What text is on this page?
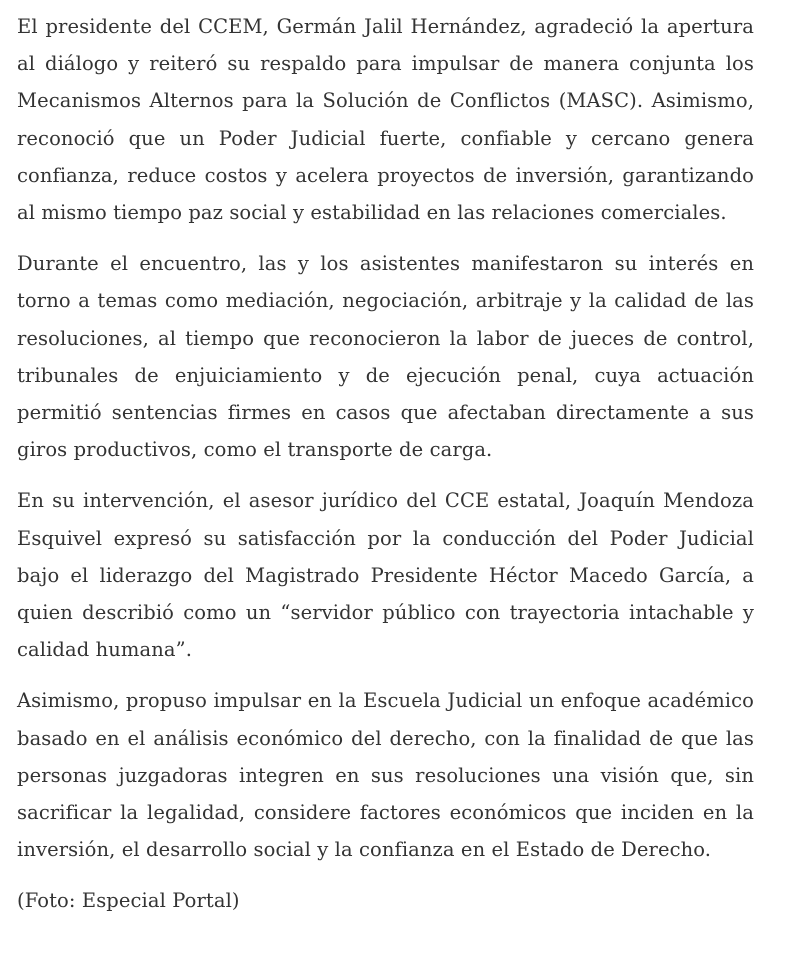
El presidente del CCEM, Germán Jalil Hernández, agradeció la apertura al diálogo y reiteró su respaldo para impulsar de manera conjunta los Mecanismos Alternos para la Solución de Conflictos (MASC). Asimismo, reconoció que un Poder Judicial fuerte, confiable y cercano genera confianza, reduce costos y acelera proyectos de inversión, garantizando al mismo tiempo paz social y estabilidad en las relaciones comerciales.

Durante el encuentro, las y los asistentes manifestaron su interés en torno a temas como mediación, negociación, arbitraje y la calidad de las resoluciones, al tiempo que reconocieron la labor de jueces de control, tribunales de enjuiciamiento y de ejecución penal, cuya actuación permitió sentencias firmes en casos que afectaban directamente a sus giros productivos, como el transporte de carga.

En su intervención, el asesor jurídico del CCE estatal, Joaquín Mendoza Esquivel expresó su satisfacción por la conducción del Poder Judicial bajo el liderazgo del Magistrado Presidente Héctor Macedo García, a quien describió como un “servidor público con trayectoria intachable y calidad humana”.

Asimismo, propuso impulsar en la Escuela Judicial un enfoque académico basado en el análisis económico del derecho, con la finalidad de que las personas juzgadoras integren en sus resoluciones una visión que, sin sacrificar la legalidad, considere factores económicos que inciden en la inversión, el desarrollo social y la confianza en el Estado de Derecho.

(Foto: Especial Portal)
